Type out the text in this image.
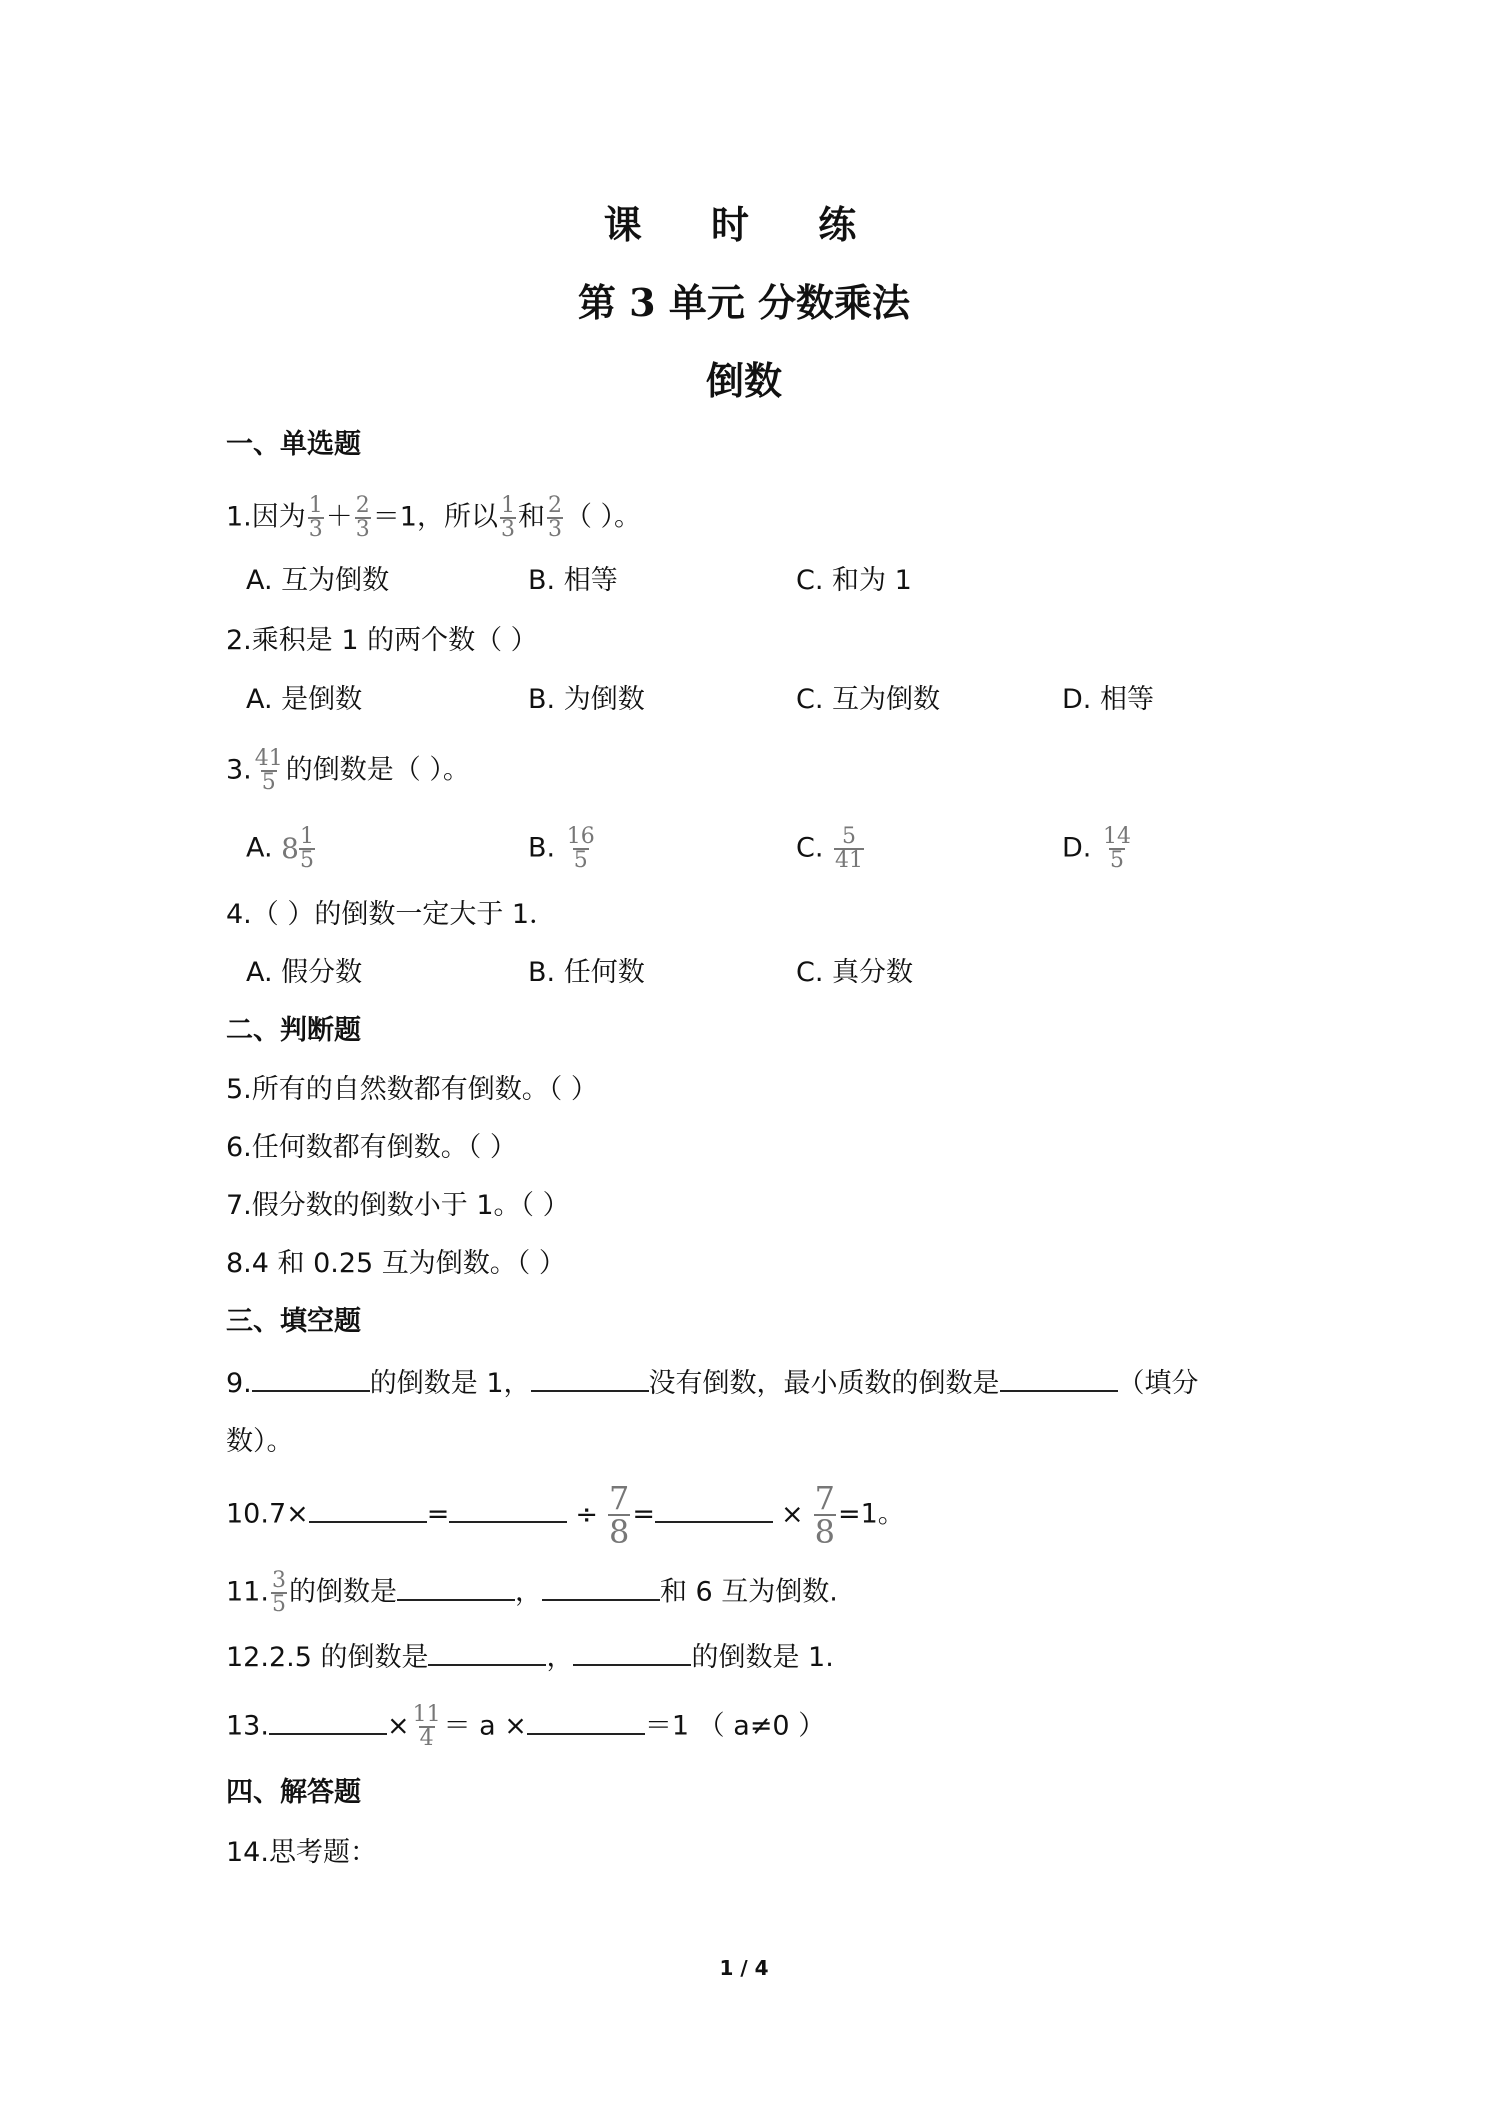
课 时 练
第 3 单元 分数乘法
倒数
一、单选题
1.因为 $\frac{1}{3} + \frac{2}{3} =1$，所以 $\frac{1}{3}$ 和 $\frac{2}{3}$ （ ）。
A. 互为倒数	B. 相等	C. 和为 1
2.乘积是 1 的两个数（ ）
A. 是倒数	B. 为倒数	C. 互为倒数	D. 相等
3. $\frac{41}{5}$ 的倒数是（ ）。
A. $8 \frac{1}{5}$	B. $\frac{16}{5}$	C. $\frac{5}{41}$	D. $\frac{14}{5}$
4.（ ）的倒数一定大于 1．
A. 假分数	B. 任何数	C. 真分数
二、判断题
5.所有的自然数都有倒数。（ ）
6.任何数都有倒数。（ ）
7.假分数的倒数小于 1。（ ）
8.4 和 0.25 互为倒数。（ ）
三、填空题
9.	的倒数是 1，	没有倒数，最小质数的倒数是	（填分
数）。
10.7×	=	÷ $\frac{7}{8}$ =	× $\frac{7}{8} =1$。
11. $\frac{3}{5}$ 的倒数是	，	和 6 互为倒数.
12.2.5 的倒数是	，	的倒数是 1.
13.	× $\frac{11}{4} = a$ ×	＝1 （ a≠0 ）
四、解答题
14.思考题：
1 / 4
